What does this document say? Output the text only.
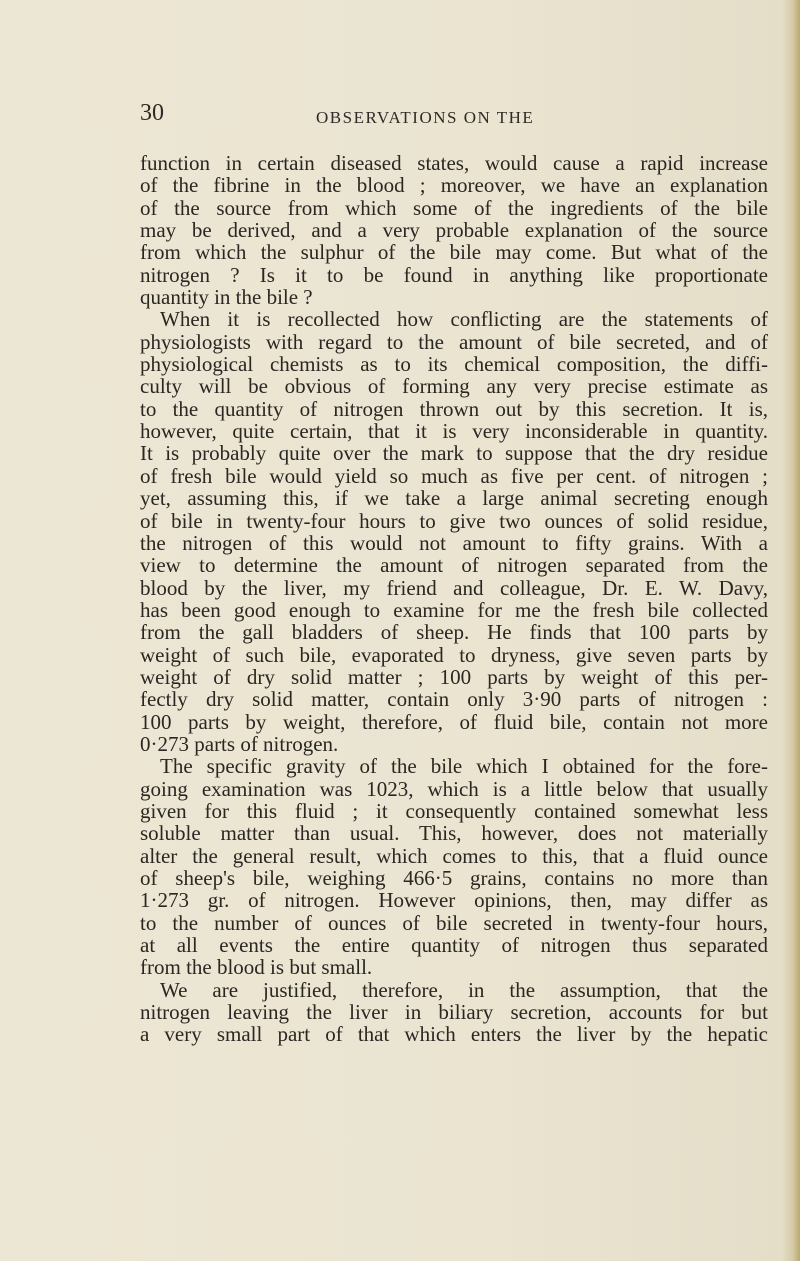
30	OBSERVATIONS ON THE
function in certain diseased states, would cause a rapid increase
of the fibrine in the blood ; moreover, we have an explanation
of the source from which some of the ingredients of the bile
may be derived, and a very probable explanation of the source
from which the sulphur of the bile may come. But what of the
nitrogen ? Is it to be found in anything like proportionate
quantity in the bile ?
When it is recollected how conflicting are the statements of
physiologists with regard to the amount of bile secreted, and of
physiological chemists as to its chemical composition, the diffi-
culty will be obvious of forming any very precise estimate as
to the quantity of nitrogen thrown out by this secretion. It is,
however, quite certain, that it is very inconsiderable in quantity.
It is probably quite over the mark to suppose that the dry residue
of fresh bile would yield so much as five per cent. of nitrogen ;
yet, assuming this, if we take a large animal secreting enough
of bile in twenty-four hours to give two ounces of solid residue,
the nitrogen of this would not amount to fifty grains. With a
view to determine the amount of nitrogen separated from the
blood by the liver, my friend and colleague, Dr. E. W. Davy,
has been good enough to examine for me the fresh bile collected
from the gall bladders of sheep. He finds that 100 parts by
weight of such bile, evaporated to dryness, give seven parts by
weight of dry solid matter ; 100 parts by weight of this per-
fectly dry solid matter, contain only 3·90 parts of nitrogen :
100 parts by weight, therefore, of fluid bile, contain not more
0·273 parts of nitrogen.
The specific gravity of the bile which I obtained for the fore-
going examination was 1023, which is a little below that usually
given for this fluid ; it consequently contained somewhat less
soluble matter than usual. This, however, does not materially
alter the general result, which comes to this, that a fluid ounce
of sheep's bile, weighing 466·5 grains, contains no more than
1·273 gr. of nitrogen. However opinions, then, may differ as
to the number of ounces of bile secreted in twenty-four hours,
at all events the entire quantity of nitrogen thus separated
from the blood is but small.
We are justified, therefore, in the assumption, that the
nitrogen leaving the liver in biliary secretion, accounts for but
a very small part of that which enters the liver by the hepatic
